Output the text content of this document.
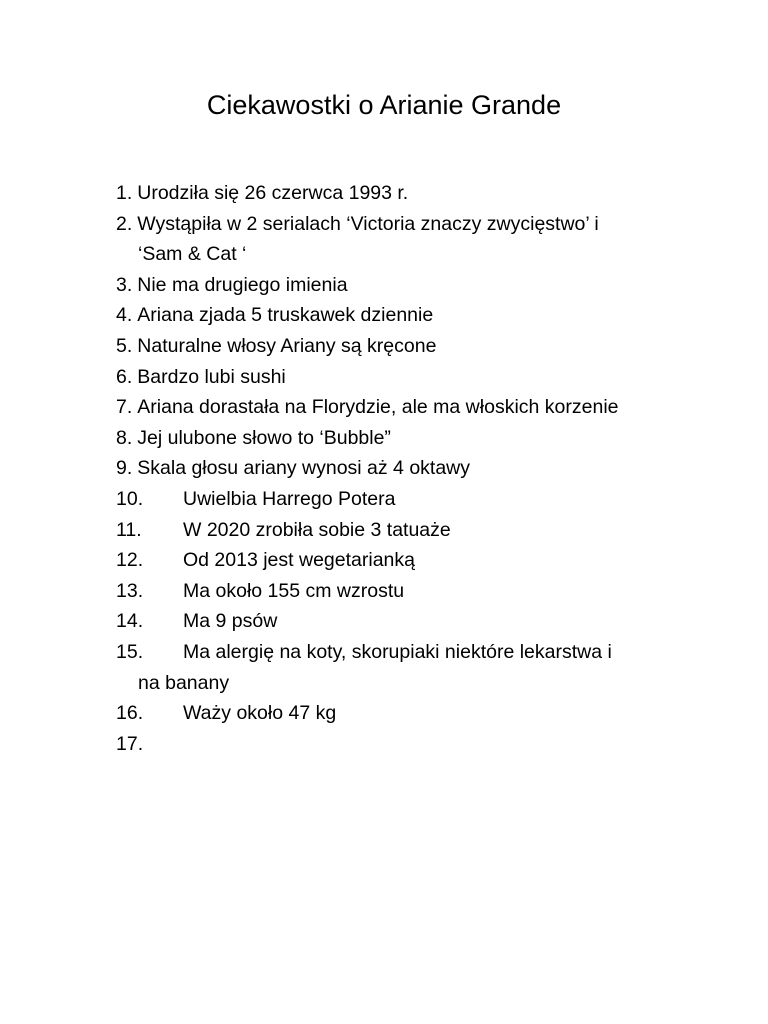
Ciekawostki o Arianie Grande
1. Urodziła się 26 czerwca 1993 r.
2. Wystąpiła w 2 serialach ‘Victoria znaczy zwycięstwo’ i
‘Sam & Cat ‘
3. Nie ma drugiego imienia
4. Ariana zjada 5 truskawek dziennie
5. Naturalne włosy Ariany są kręcone
6. Bardzo lubi sushi
7. Ariana dorastała na Florydzie, ale ma włoskich korzenie
8. Jej ulubone słowo to ‘Bubble”
9. Skala głosu ariany wynosi aż 4 oktawy
10. Uwielbia Harrego Potera
11. W 2020 zrobiła sobie 3 tatuaże
12. Od 2013 jest wegetarianką
13. Ma około 155 cm wzrostu
14. Ma 9 psów
15. Ma alergię na koty, skorupiaki niektóre lekarstwa i
na banany
16. Waży około 47 kg
17.
